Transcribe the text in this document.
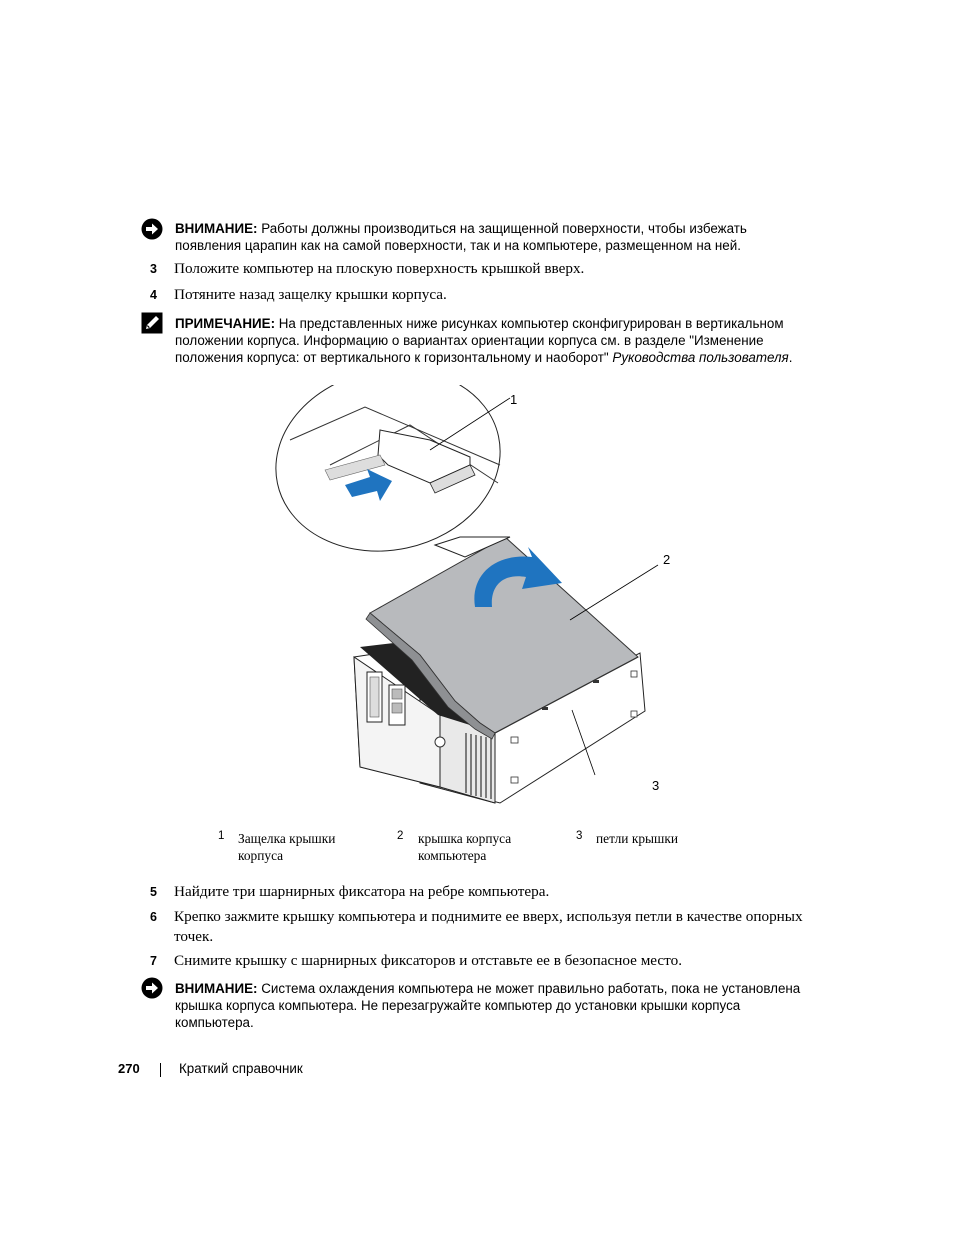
ВНИМАНИЕ: Работы должны производиться на защищенной поверхности, чтобы избежать
появления царапин как на самой поверхности, так и на компьютере, размещенном на ней.
3 Положите компьютер на плоскую поверхность крышкой вверх.
4 Потяните назад защелку крышки корпуса.
ПРИМЕЧАНИЕ: На представленных ниже рисунках компьютер сконфигурирован в вертикальном
положении корпуса. Информацию о вариантах ориентации корпуса см. в разделе "Изменение
положения корпуса: от вертикального к горизонтальному и наоборот" Руководства пользователя.
1
2
3
1 Защелка крышки
корпуса
2 крышка корпуса
компьютера
3 петли крышки
5 Найдите три шарнирных фиксатора на ребре компьютера.
6 Крепко зажмите крышку компьютера и поднимите ее вверх, используя петли в качестве опорных
точек.
7 Снимите крышку с шарнирных фиксаторов и отставьте ее в безопасное место.
ВНИМАНИЕ: Система охлаждения компьютера не может правильно работать, пока не установлена
крышка корпуса компьютера. Не перезагружайте компьютер до установки крышки корпуса
компьютера.
270	Краткий справочник
